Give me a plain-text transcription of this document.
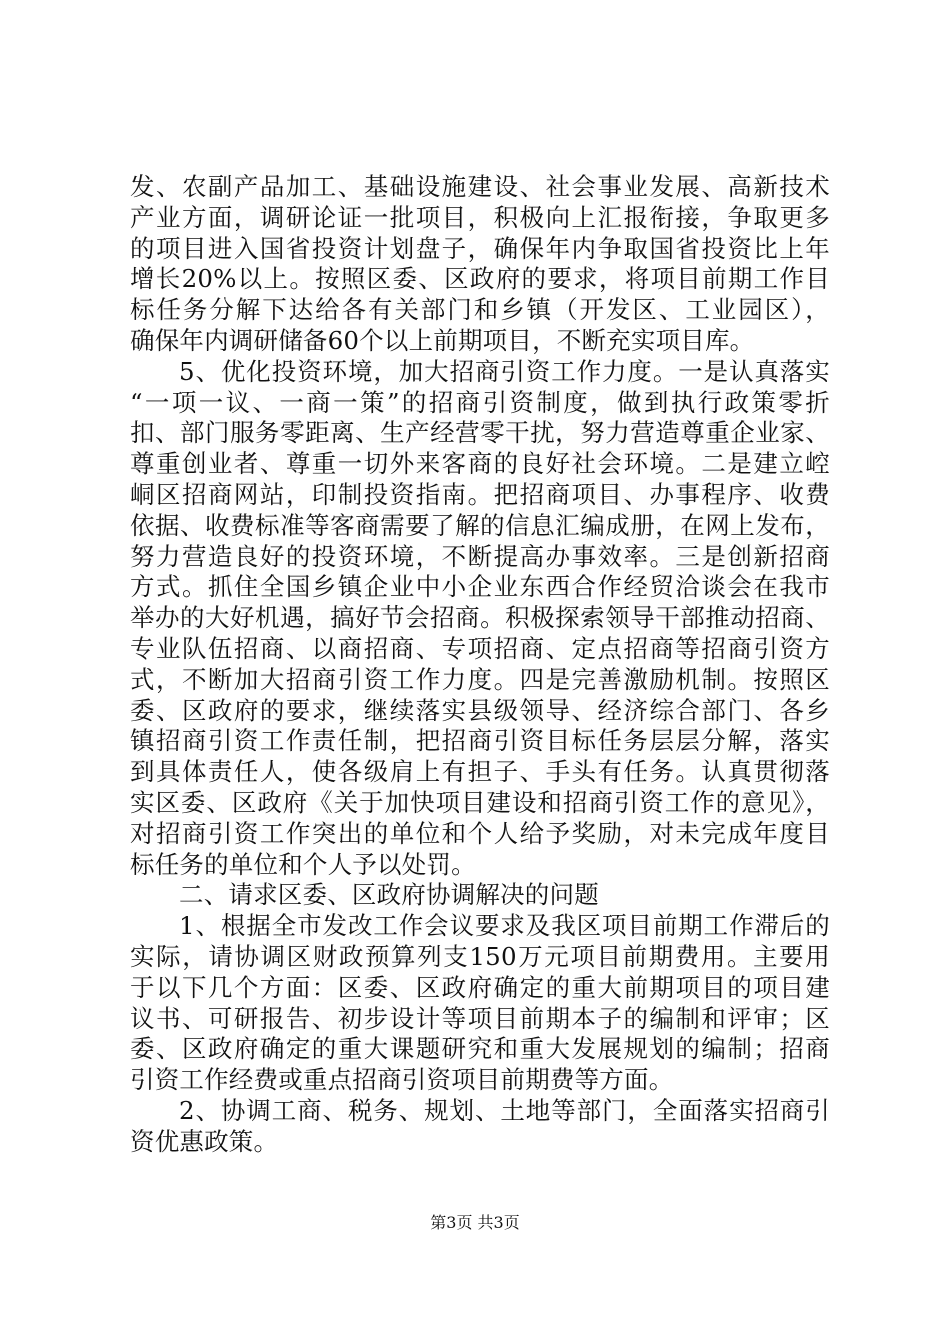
发、农副产品加工、基础设施建设、社会事业发展、高新技术
产业方面，调研论证一批项目，积极向上汇报衔接，争取更多
的项目进入国省投资计划盘子，确保年内争取国省投资比上年
增长20%以上。按照区委、区政府的要求，将项目前期工作目
标任务分解下达给各有关部门和乡镇（开发区、工业园区），
确保年内调研储备60个以上前期项目，不断充实项目库。
5、优化投资环境，加大招商引资工作力度。一是认真落实
“一项一议、一商一策”的招商引资制度，做到执行政策零折
扣、部门服务零距离、生产经营零干扰，努力营造尊重企业家、
尊重创业者、尊重一切外来客商的良好社会环境。二是建立崆
峒区招商网站，印制投资指南。把招商项目、办事程序、收费
依据、收费标准等客商需要了解的信息汇编成册，在网上发布，
努力营造良好的投资环境，不断提高办事效率。三是创新招商
方式。抓住全国乡镇企业中小企业东西合作经贸洽谈会在我市
举办的大好机遇，搞好节会招商。积极探索领导干部推动招商、
专业队伍招商、以商招商、专项招商、定点招商等招商引资方
式，不断加大招商引资工作力度。四是完善激励机制。按照区
委、区政府的要求，继续落实县级领导、经济综合部门、各乡
镇招商引资工作责任制，把招商引资目标任务层层分解，落实
到具体责任人，使各级肩上有担子、手头有任务。认真贯彻落
实区委、区政府《关于加快项目建设和招商引资工作的意见》，
对招商引资工作突出的单位和个人给予奖励，对未完成年度目
标任务的单位和个人予以处罚。
二、请求区委、区政府协调解决的问题
1、根据全市发改工作会议要求及我区项目前期工作滞后的
实际，请协调区财政预算列支150万元项目前期费用。主要用
于以下几个方面：区委、区政府确定的重大前期项目的项目建
议书、可研报告、初步设计等项目前期本子的编制和评审；区
委、区政府确定的重大课题研究和重大发展规划的编制；招商
引资工作经费或重点招商引资项目前期费等方面。
2、协调工商、税务、规划、土地等部门，全面落实招商引
资优惠政策。
第3页 共3页
